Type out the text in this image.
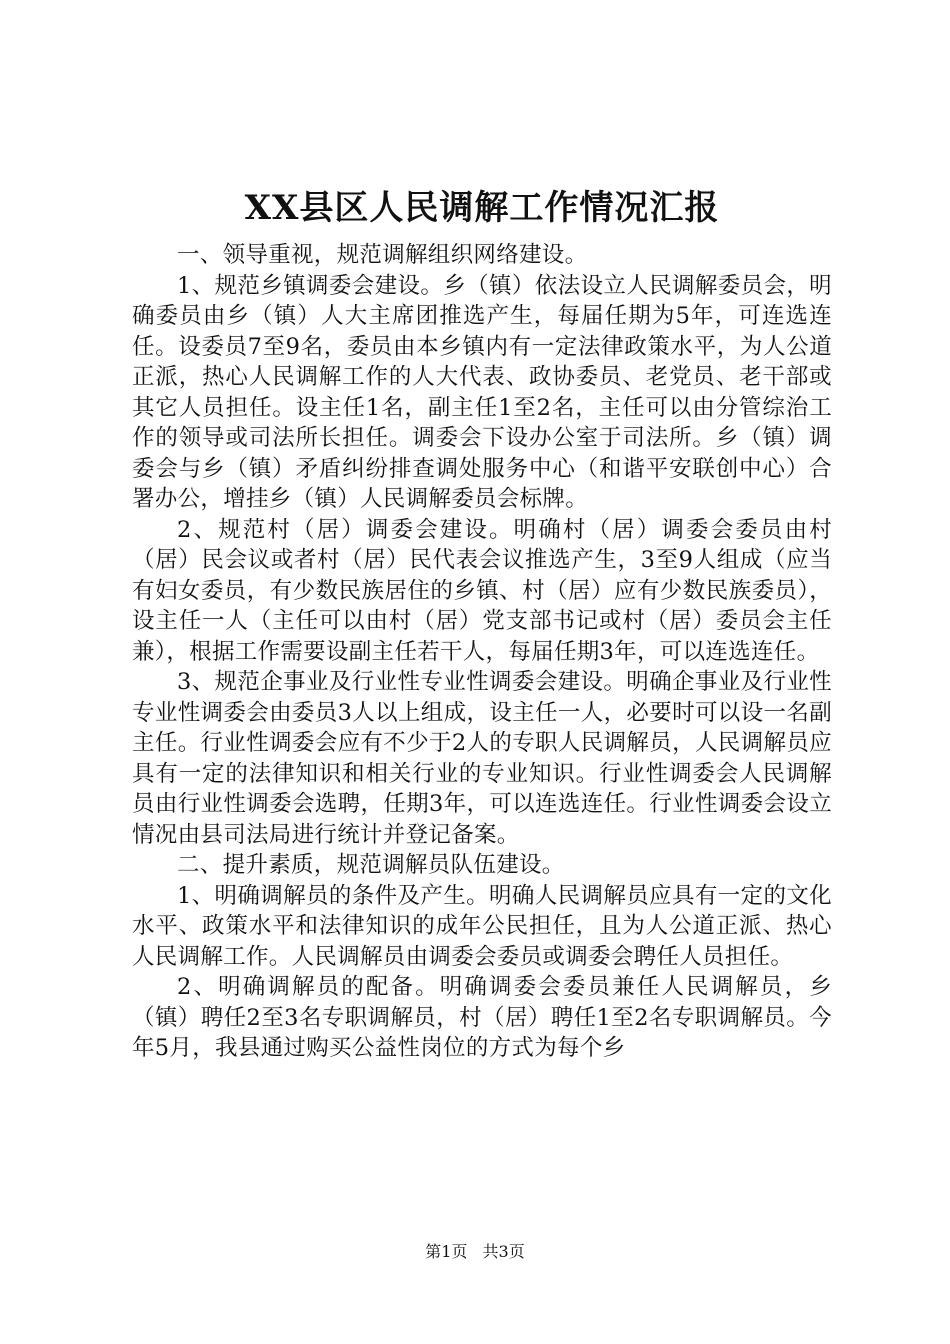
XX县区人民调解工作情况汇报

一、领导重视，规范调解组织网络建设。

1、规范乡镇调委会建设。乡（镇）依法设立人民调解委员会，明确委员由乡（镇）人大主席团推选产生，每届任期为5年，可连选连任。设委员7至9名，委员由本乡镇内有一定法律政策水平，为人公道正派，热心人民调解工作的人大代表、政协委员、老党员、老干部或其它人员担任。设主任1名，副主任1至2名，主任可以由分管综治工作的领导或司法所长担任。调委会下设办公室于司法所。乡（镇）调委会与乡（镇）矛盾纠纷排查调处服务中心（和谐平安联创中心）合署办公，增挂乡（镇）人民调解委员会标牌。

2、规范村（居）调委会建设。明确村（居）调委会委员由村（居）民会议或者村（居）民代表会议推选产生，3至9人组成（应当有妇女委员，有少数民族居住的乡镇、村（居）应有少数民族委员），设主任一人（主任可以由村（居）党支部书记或村（居）委员会主任兼），根据工作需要设副主任若干人，每届任期3年，可以连选连任。

3、规范企事业及行业性专业性调委会建设。明确企事业及行业性专业性调委会由委员3人以上组成，设主任一人，必要时可以设一名副主任。行业性调委会应有不少于2人的专职人民调解员，人民调解员应具有一定的法律知识和相关行业的专业知识。行业性调委会人民调解员由行业性调委会选聘，任期3年，可以连选连任。行业性调委会设立情况由县司法局进行统计并登记备案。

二、提升素质，规范调解员队伍建设。

1、明确调解员的条件及产生。明确人民调解员应具有一定的文化水平、政策水平和法律知识的成年公民担任，且为人公道正派、热心人民调解工作。人民调解员由调委会委员或调委会聘任人员担任。

2、明确调解员的配备。明确调委会委员兼任人民调解员，乡（镇）聘任2至3名专职调解员，村（居）聘任1至2名专职调解员。今年5月，我县通过购买公益性岗位的方式为每个乡

第1页 共3页
